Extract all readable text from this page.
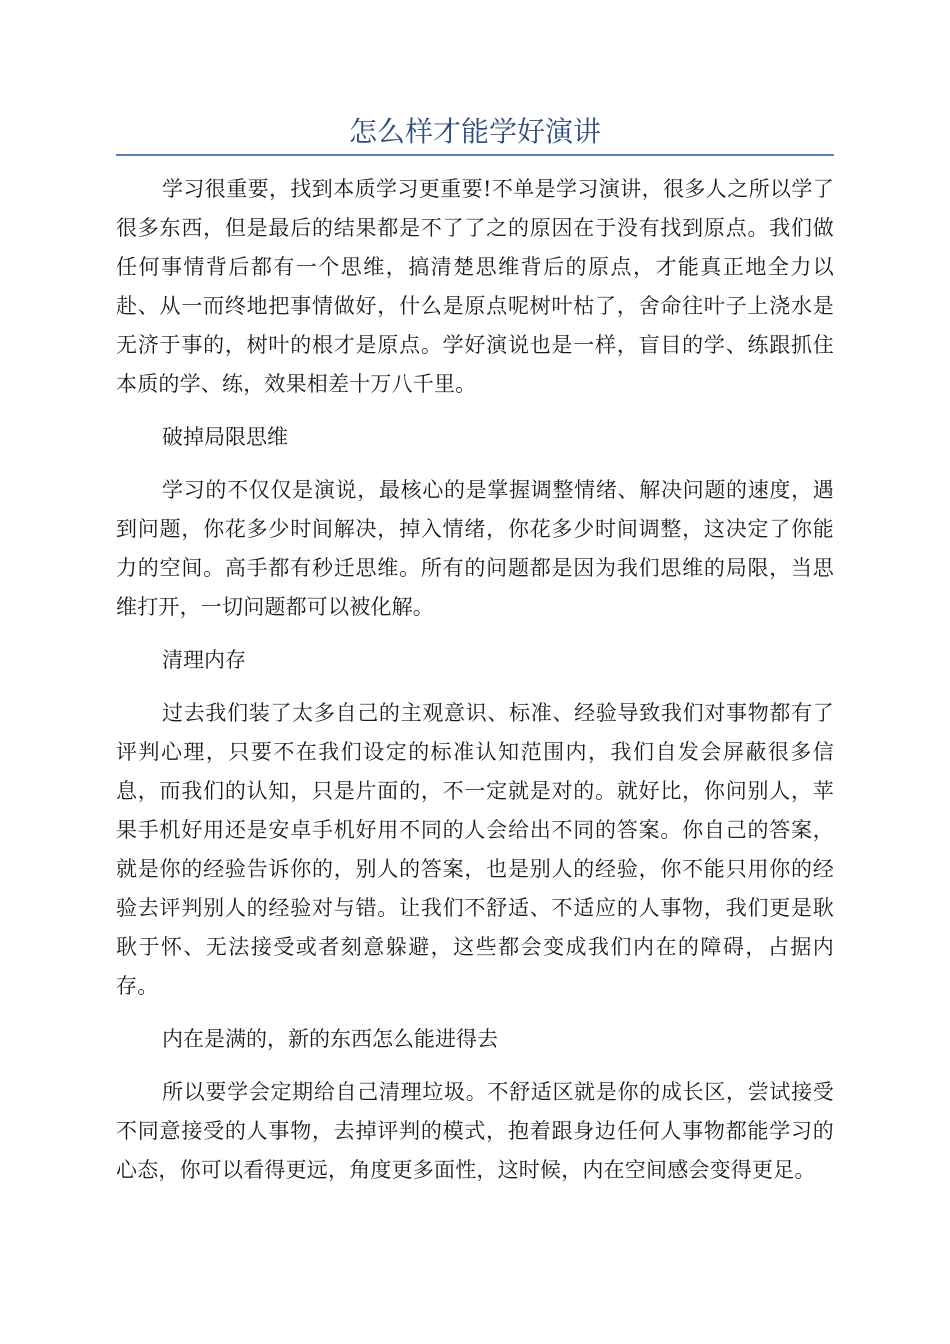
怎么样才能学好演讲

学习很重要，找到本质学习更重要!不单是学习演讲，很多人之所以学了很多东西，但是最后的结果都是不了了之的原因在于没有找到原点。我们做任何事情背后都有一个思维，搞清楚思维背后的原点，才能真正地全力以赴、从一而终地把事情做好，什么是原点呢树叶枯了，舍命往叶子上浇水是无济于事的，树叶的根才是原点。学好演说也是一样，盲目的学、练跟抓住本质的学、练，效果相差十万八千里。

破掉局限思维

学习的不仅仅是演说，最核心的是掌握调整情绪、解决问题的速度，遇到问题，你花多少时间解决，掉入情绪，你花多少时间调整，这决定了你能力的空间。高手都有秒迁思维。所有的问题都是因为我们思维的局限，当思维打开，一切问题都可以被化解。

清理内存

过去我们装了太多自己的主观意识、标准、经验导致我们对事物都有了评判心理，只要不在我们设定的标准认知范围内，我们自发会屏蔽很多信息，而我们的认知，只是片面的，不一定就是对的。就好比，你问别人，苹果手机好用还是安卓手机好用不同的人会给出不同的答案。你自己的答案，就是你的经验告诉你的，别人的答案，也是别人的经验，你不能只用你的经验去评判别人的经验对与错。让我们不舒适、不适应的人事物，我们更是耿耿于怀、无法接受或者刻意躲避，这些都会变成我们内在的障碍，占据内存。

内在是满的，新的东西怎么能进得去

所以要学会定期给自己清理垃圾。不舒适区就是你的成长区，尝试接受不同意接受的人事物，去掉评判的模式，抱着跟身边任何人事物都能学习的心态，你可以看得更远，角度更多面性，这时候，内在空间感会变得更足。
